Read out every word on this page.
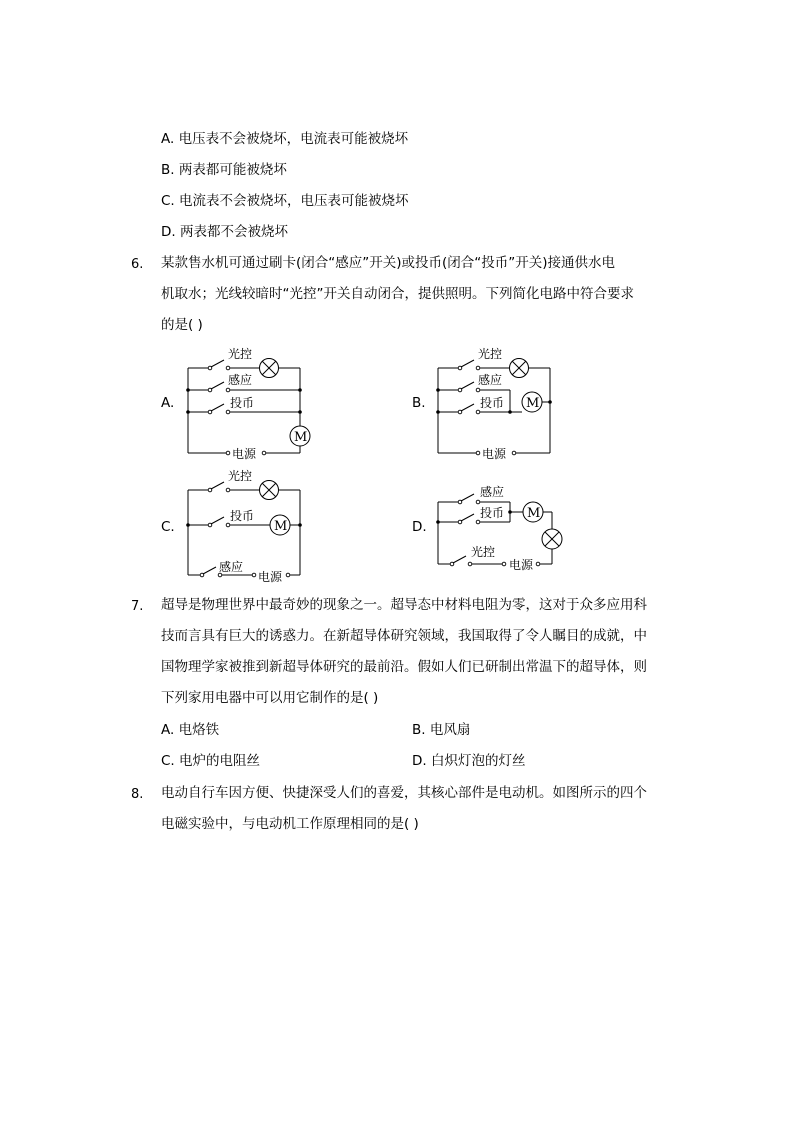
A. 电压表不会被烧坏，电流表可能被烧坏
B. 两表都可能被烧坏
C. 电流表不会被烧坏，电压表可能被烧坏
D. 两表都不会被烧坏
6. 某款售水机可通过刷卡(闭合“感应”开关)或投币(闭合“投币”开关)接通供水电
机取水；光线较暗时“光控”开关自动闭合，提供照明。下列简化电路中符合要求
的是( )
A.	B.
C.	D.
光控
感应
投币
电源
M
光控
感应
投币
电源
M
光控
投币
感应
电源
M
感应
投币
光控
电源
M
7. 超导是物理世界中最奇妙的现象之一。超导态中材料电阻为零，这对于众多应用科
技而言具有巨大的诱惑力。在新超导体研究领域，我国取得了令人瞩目的成就，中
国物理学家被推到新超导体研究的最前沿。假如人们已研制出常温下的超导体，则
下列家用电器中可以用它制作的是( )
A. 电烙铁	B. 电风扇
C. 电炉的电阻丝	D. 白炽灯泡的灯丝
8. 电动自行车因方便、快捷深受人们的喜爱，其核心部件是电动机。如图所示的四个
电磁实验中，与电动机工作原理相同的是( )
